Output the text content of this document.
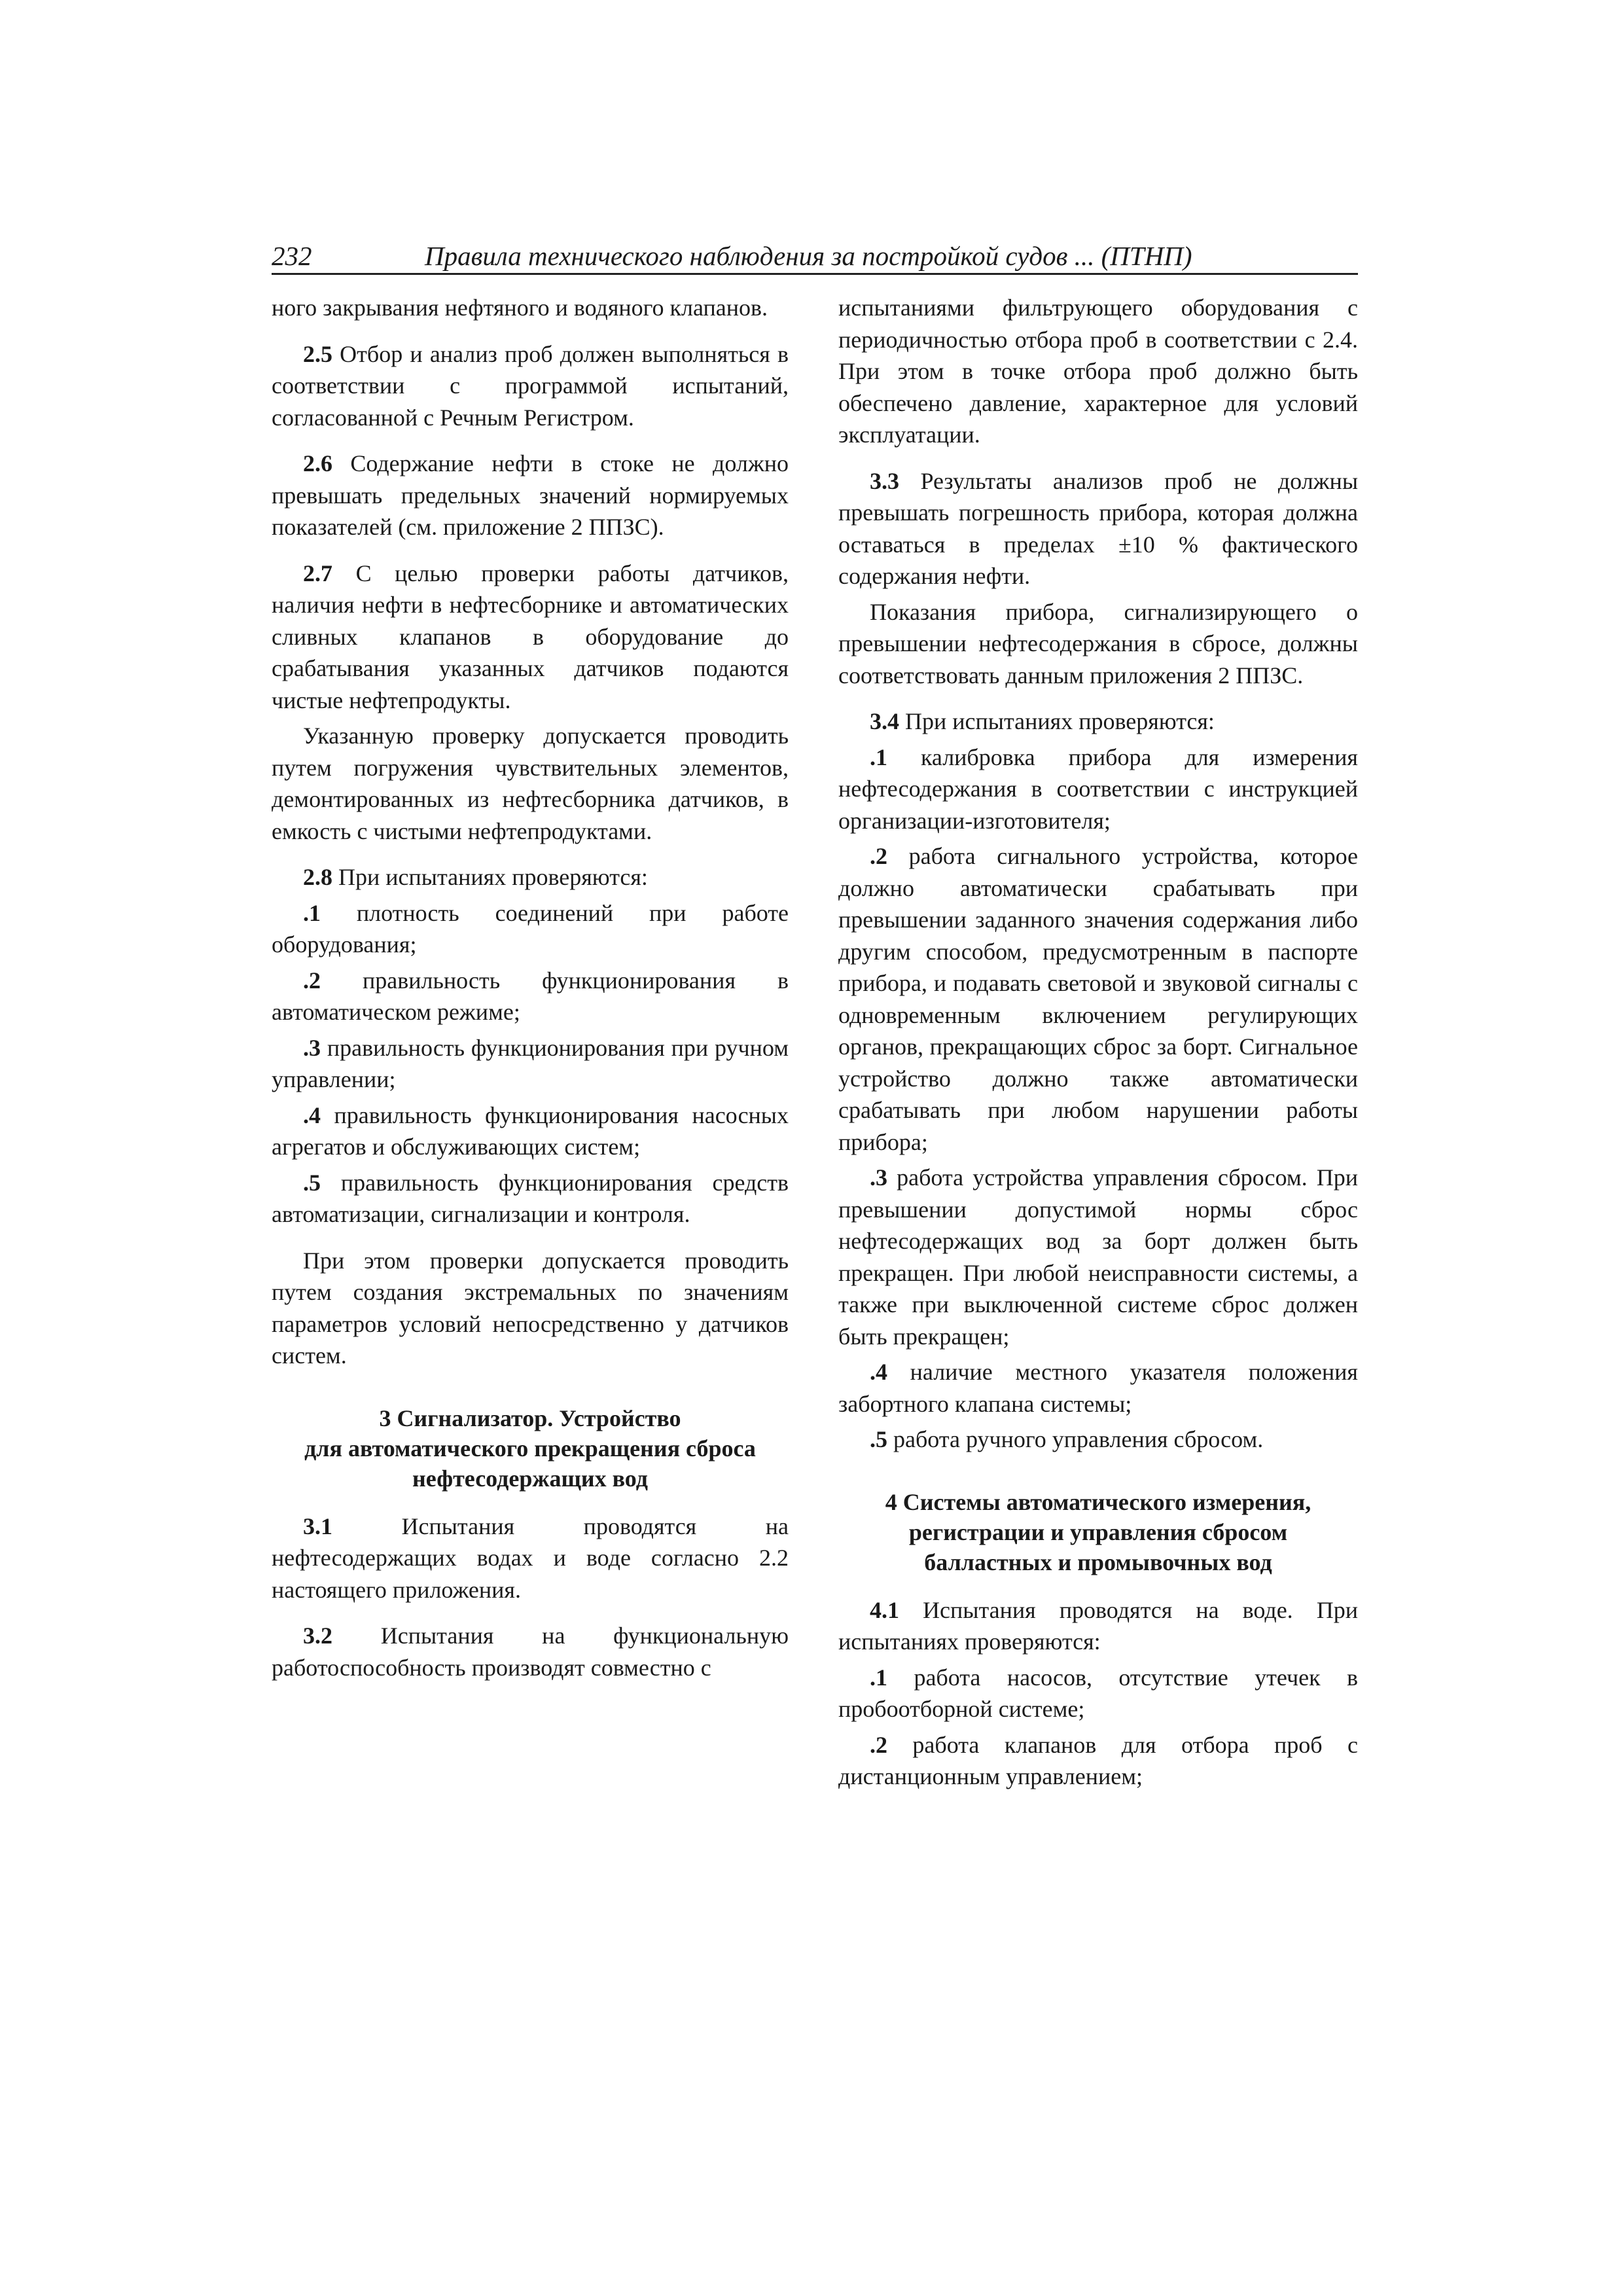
232	Правила технического наблюдения за постройкой судов ... (ПТНП)

ного закрывания нефтяного и водяного клапанов.

2.5 Отбор и анализ проб должен выполняться в соответствии с программой испытаний, согласованной с Речным Регистром.

2.6 Содержание нефти в стоке не должно превышать предельных значений нормируемых показателей (см. приложение 2 ППЗС).

2.7 С целью проверки работы датчиков, наличия нефти в нефтесборнике и автоматических сливных клапанов в оборудование до срабатывания указанных датчиков подаются чистые нефтепродукты.

Указанную проверку допускается проводить путем погружения чувствительных элементов, демонтированных из нефтесборника датчиков, в емкость с чистыми нефтепродуктами.

2.8 При испытаниях проверяются:

.1 плотность соединений при работе оборудования;

.2 правильность функционирования в автоматическом режиме;

.3 правильность функционирования при ручном управлении;

.4 правильность функционирования насосных агрегатов и обслуживающих систем;

.5 правильность функционирования средств автоматизации, сигнализации и контроля.

При этом проверки допускается проводить путем создания экстремальных по значениям параметров условий непосредственно у датчиков систем.

3 Сигнализатор. Устройство
для автоматического прекращения сброса
нефтесодержащих вод

3.1 Испытания проводятся на нефтесодержащих водах и воде согласно 2.2 настоящего приложения.

3.2 Испытания на функциональную работоспособность производят совместно с

испытаниями фильтрующего оборудования с периодичностью отбора проб в соответствии с 2.4. При этом в точке отбора проб должно быть обеспечено давление, характерное для условий эксплуатации.

3.3 Результаты анализов проб не должны превышать погрешность прибора, которая должна оставаться в пределах ±10 % фактического содержания нефти.

Показания прибора, сигнализирующего о превышении нефтесодержания в сбросе, должны соответствовать данным приложения 2 ППЗС.

3.4 При испытаниях проверяются:

.1 калибровка прибора для измерения нефтесодержания в соответствии с инструкцией организации-изготовителя;

.2 работа сигнального устройства, которое должно автоматически срабатывать при превышении заданного значения содержания либо другим способом, предусмотренным в паспорте прибора, и подавать световой и звуковой сигналы с одновременным включением регулирующих органов, прекращающих сброс за борт. Сигнальное устройство должно также автоматически срабатывать при любом нарушении работы прибора;

.3 работа устройства управления сбросом. При превышении допустимой нормы сброс нефтесодержащих вод за борт должен быть прекращен. При любой неисправности системы, а также при выключенной системе сброс должен быть прекращен;

.4 наличие местного указателя положения забортного клапана системы;

.5 работа ручного управления сбросом.

4 Системы автоматического измерения,
регистрации и управления сбросом
балластных и промывочных вод

4.1 Испытания проводятся на воде. При испытаниях проверяются:

.1 работа насосов, отсутствие утечек в пробоотборной системе;

.2 работа клапанов для отбора проб с дистанционным управлением;
